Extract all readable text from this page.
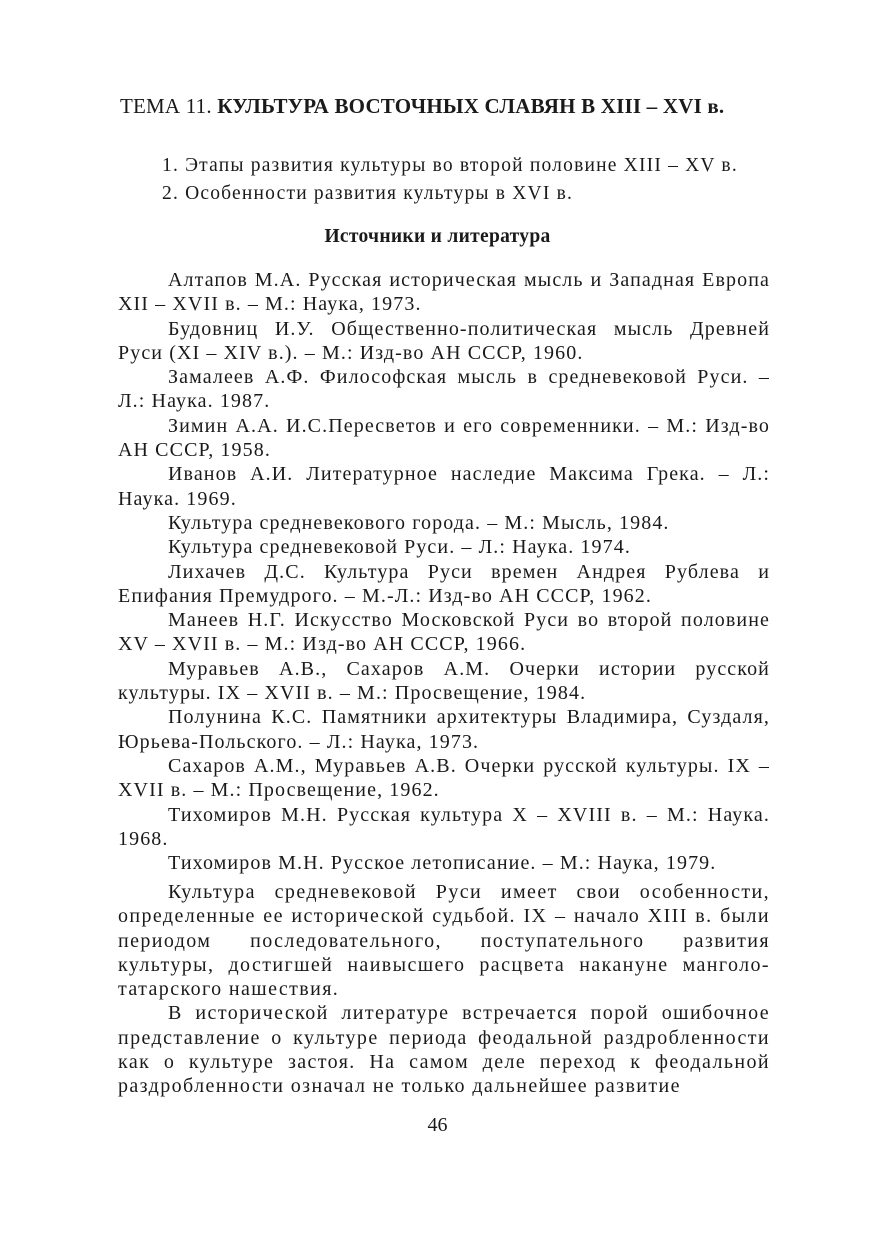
ТЕМА 11. КУЛЬТУРА ВОСТОЧНЫХ СЛАВЯН В XIII – XVI в.
1. Этапы развития культуры во второй половине XIII – XV в.
2. Особенности развития культуры в XVI в.
Источники и литература

Алтапов М.А. Русская историческая мысль и Западная Европа XII – XVII в. – М.: Наука, 1973.

Будовниц И.У. Общественно-политическая мысль Древней Руси (XI – XIV в.). – М.: Изд-во АН СССР, 1960.

Замалеев А.Ф. Философская мысль в средневековой Руси. – Л.: Наука. 1987.

Зимин А.А. И.С.Пересветов и его современники. – М.: Изд-во АН СССР, 1958.

Иванов А.И. Литературное наследие Максима Грека. – Л.: Наука. 1969.

Культура средневекового города. – М.: Мысль, 1984.

Культура средневековой Руси. – Л.: Наука. 1974.

Лихачев Д.С. Культура Руси времен Андрея Рублева и Епифания Премудрого. – М.-Л.: Изд-во АН СССР, 1962.

Манеев Н.Г. Искусство Московской Руси во второй половине XV – XVII в. – М.: Изд-во АН СССР, 1966.

Муравьев А.В., Сахаров А.М. Очерки истории русской культуры. IX – XVII в. – М.: Просвещение, 1984.

Полунина К.С. Памятники архитектуры Владимира, Суздаля, Юрьева-Польского. – Л.: Наука, 1973.

Сахаров А.М., Муравьев А.В. Очерки русской культуры. IX – XVII в. – М.: Просвещение, 1962.

Тихомиров М.Н. Русская культура X – XVIII в. – М.: Наука. 1968.

Тихомиров М.Н. Русское летописание. – М.: Наука, 1979.

Культура средневековой Руси имеет свои особенности, определенные ее исторической судьбой. IX – начало XIII в. были периодом последовательного, поступательного развития культуры, достигшей наивысшего расцвета накануне манголо-татарского нашествия.

В исторической литературе встречается порой ошибочное представление о культуре периода феодальной раздробленности как о культуре застоя. На самом деле переход к феодальной раздробленности означал не только дальнейшее развитие

46
